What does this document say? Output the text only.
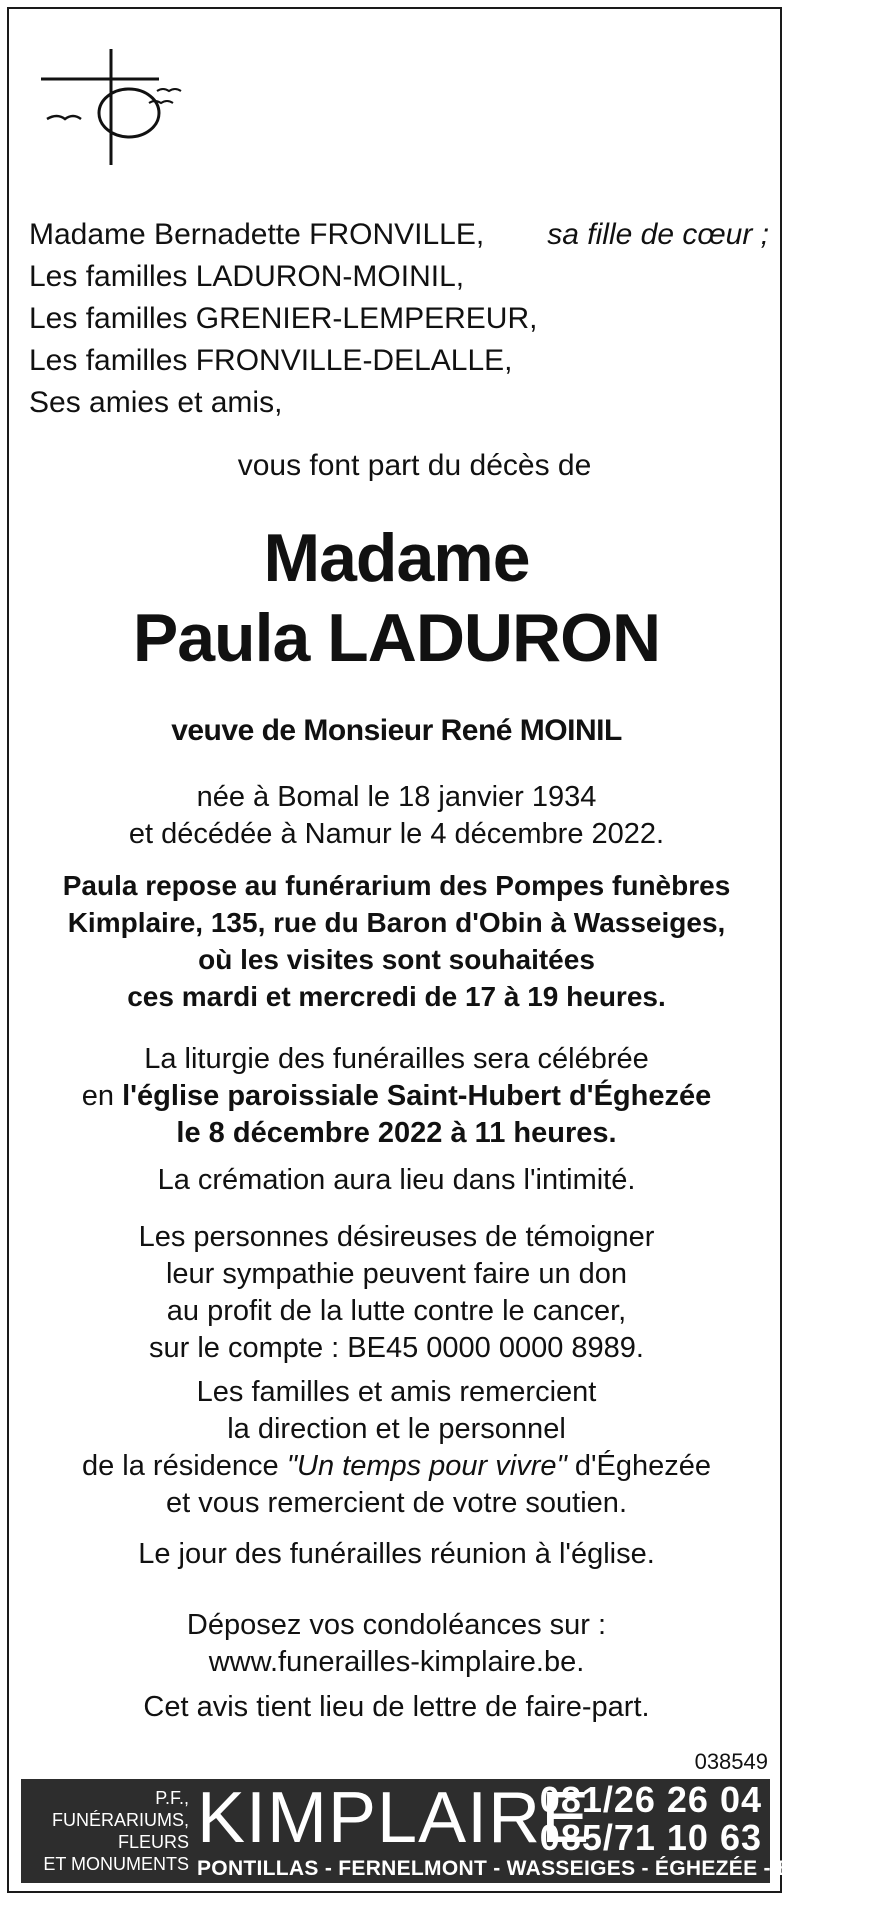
Madame Bernadette FRONVILLE, sa fille de cœur ;
Les familles LADURON-MOINIL,
Les familles GRENIER-LEMPEREUR,
Les familles FRONVILLE-DELALLE,
Ses amies et amis,
vous font part du décès de
Madame
Paula LADURON
veuve de Monsieur René MOINIL
née à Bomal le 18 janvier 1934
et décédée à Namur le 4 décembre 2022.
Paula repose au funérarium des Pompes funèbres
Kimplaire, 135, rue du Baron d'Obin à Wasseiges,
où les visites sont souhaitées
ces mardi et mercredi de 17 à 19 heures.
La liturgie des funérailles sera célébrée
en l'église paroissiale Saint-Hubert d'Éghezée
le 8 décembre 2022 à 11 heures.
La crémation aura lieu dans l'intimité.
Les personnes désireuses de témoigner
leur sympathie peuvent faire un don
au profit de la lutte contre le cancer,
sur le compte : BE45 0000 0000 8989.
Les familles et amis remercient
la direction et le personnel
de la résidence "Un temps pour vivre" d'Éghezée
et vous remercient de votre soutien.
Le jour des funérailles réunion à l'église.
Déposez vos condoléances sur :
www.funerailles-kimplaire.be.
Cet avis tient lieu de lettre de faire-part.
038549
P.F.,
FUNÉRARIUMS,
FLEURS
ET MONUMENTS
KIMPLAIRE
081/26 26 04
085/71 10 63
PONTILLAS - FERNELMONT - WASSEIGES - ÉGHEZÉE - BURDINNE
